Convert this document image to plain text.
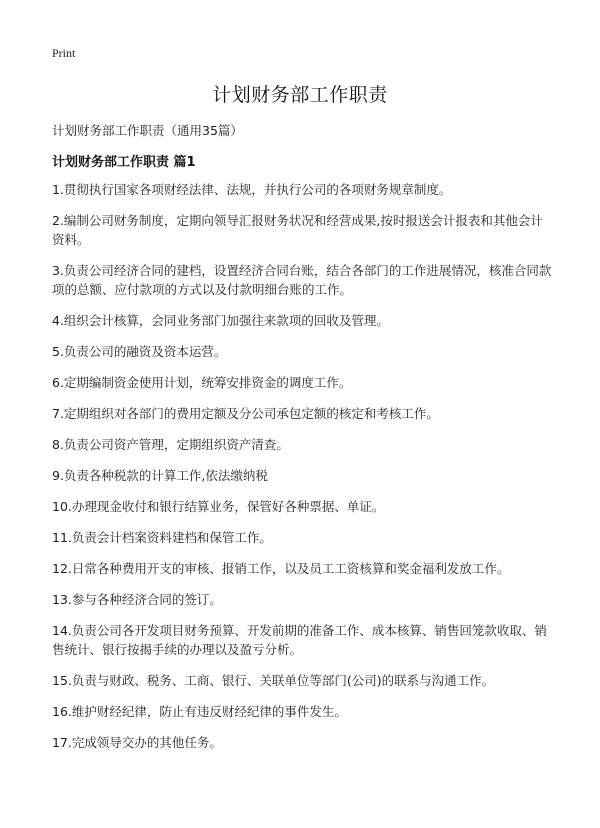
Print
计划财务部工作职责
计划财务部工作职责（通用35篇）
计划财务部工作职责 篇1
1.贯彻执行国家各项财经法律、法规，并执行公司的各项财务规章制度。
2.编制公司财务制度，定期向领导汇报财务状况和经营成果,按时报送会计报表和其他会计资料。
3.负责公司经济合同的建档，设置经济合同台账，结合各部门的工作进展情况，核准合同款项的总额、应付款项的方式以及付款明细台账的工作。
4.组织会计核算，会同业务部门加强往来款项的回收及管理。
5.负责公司的融资及资本运营。
6.定期编制资金使用计划，统筹安排资金的调度工作。
7.定期组织对各部门的费用定额及分公司承包定额的核定和考核工作。
8.负责公司资产管理，定期组织资产清查。
9.负责各种税款的计算工作,依法缴纳税
10.办理现金收付和银行结算业务，保管好各种票据、单证。
11.负责会计档案资料建档和保管工作。
12.日常各种费用开支的审核、报销工作，以及员工工资核算和奖金福利发放工作。
13.参与各种经济合同的签订。
14.负责公司各开发项目财务预算、开发前期的准备工作、成本核算、销售回笼款收取、销售统计、银行按揭手续的办理以及盈亏分析。
15.负责与财政、税务、工商、银行、关联单位等部门(公司)的联系与沟通工作。
16.维护财经纪律，防止有违反财经纪律的事件发生。
17.完成领导交办的其他任务。
